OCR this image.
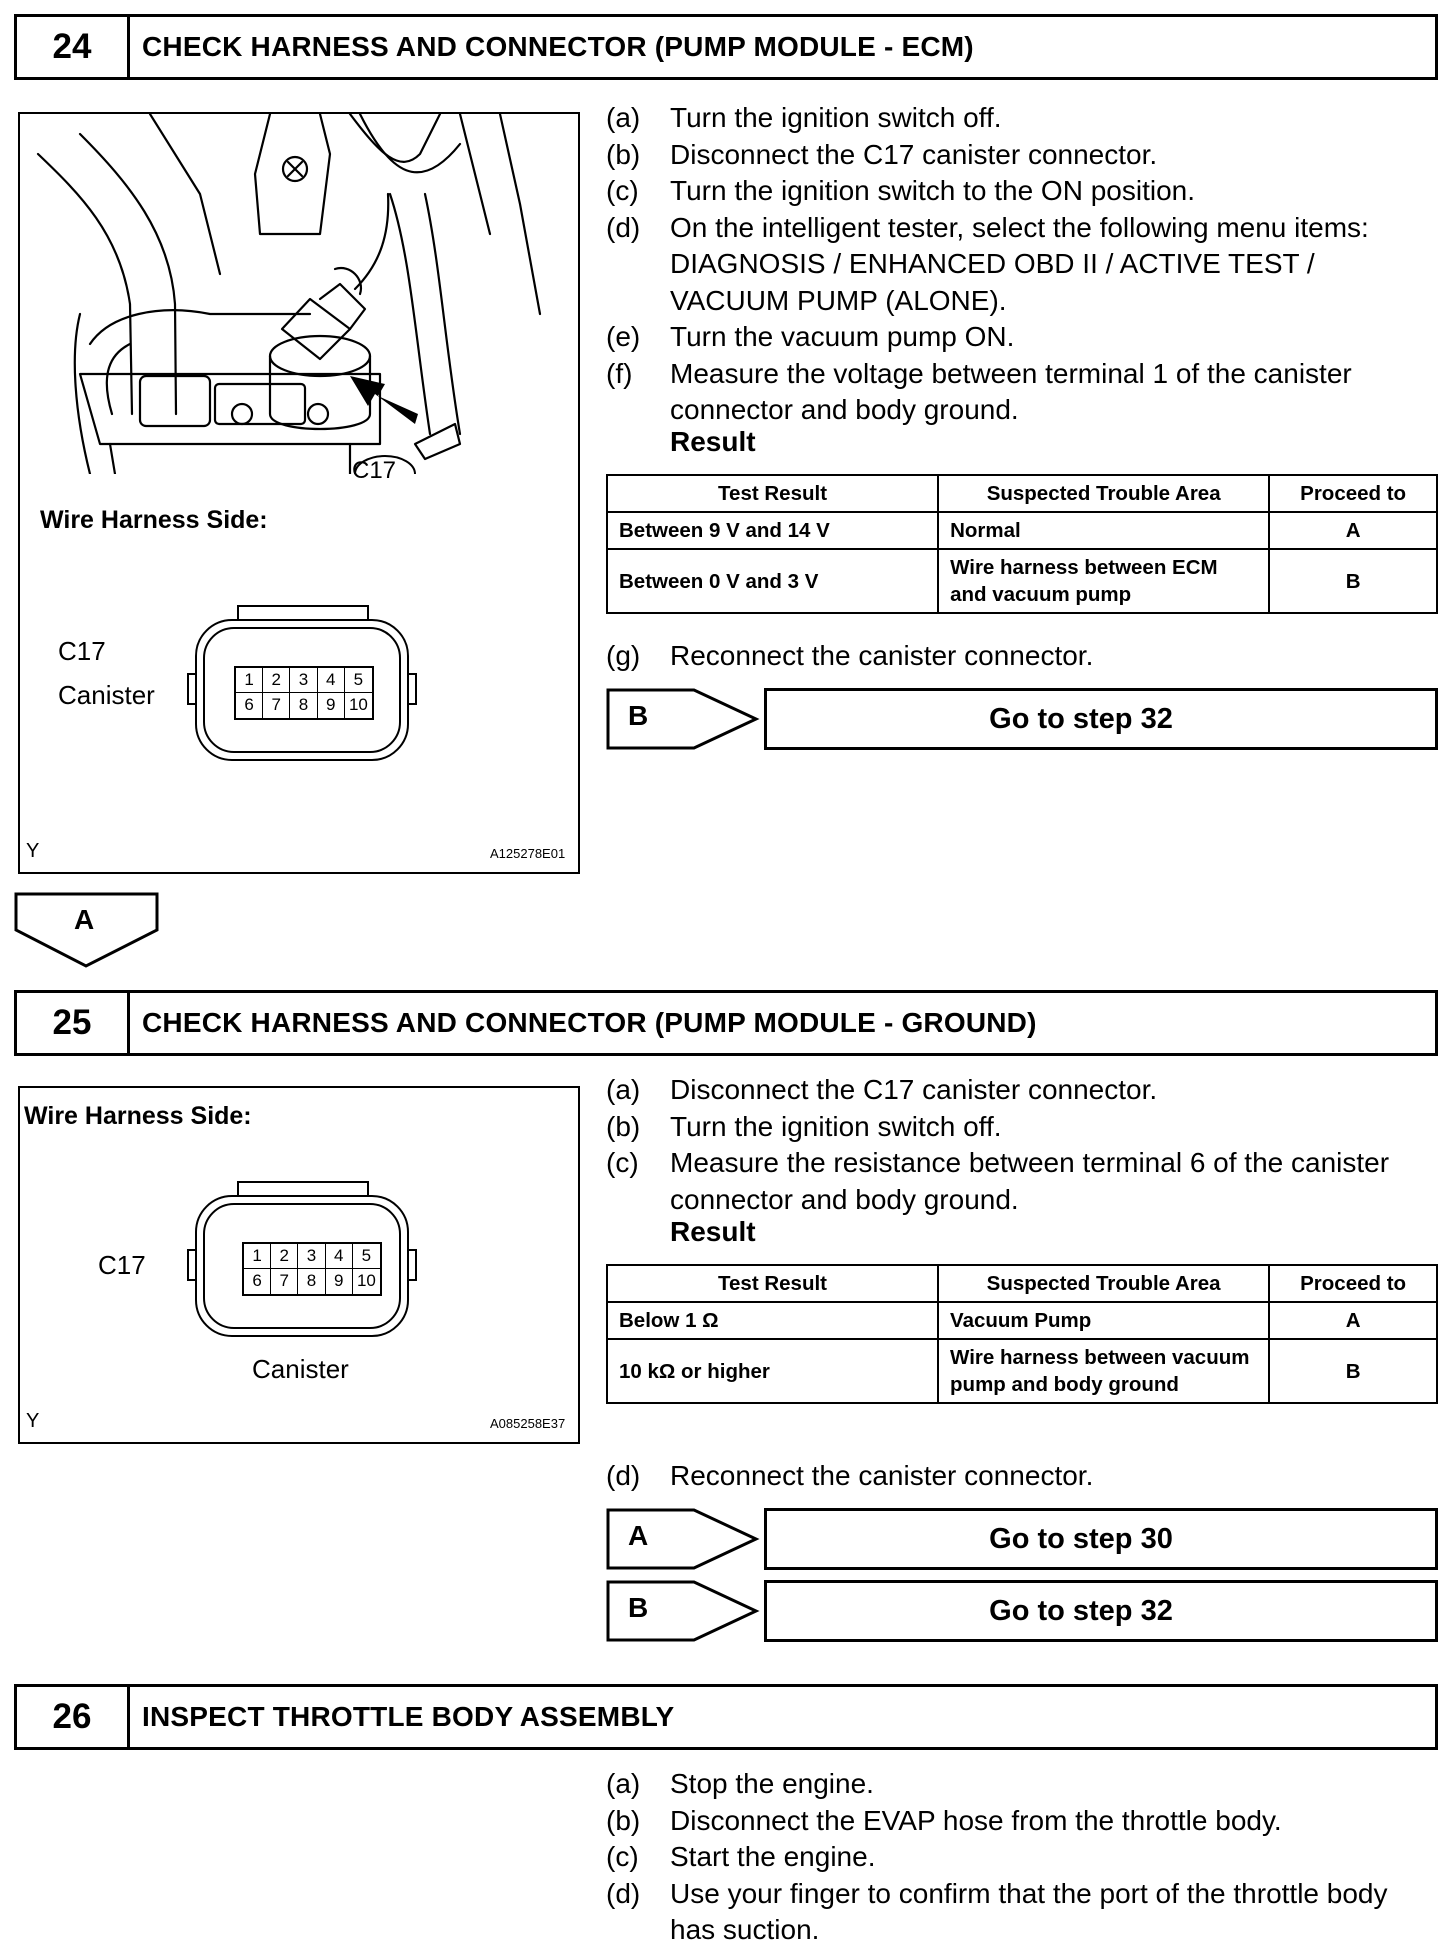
24	CHECK HARNESS AND CONNECTOR (PUMP MODULE - ECM)
C17
Wire Harness Side:
C17
Canister
1	2	3	4	5
6	7	8	9 10
Y	A125278E01
(a)	Turn the ignition switch off.
(b)	Disconnect the C17 canister connector.
(c)	Turn the ignition switch to the ON position.
(d)	On the intelligent tester, select the following menu items: DIAGNOSIS / ENHANCED OBD II / ACTIVE TEST / VACUUM PUMP (ALONE).
(e)	Turn the vacuum pump ON.
(f)	Measure the voltage between terminal 1 of the canister connector and body ground.
Result
Test Result	Suspected Trouble Area	Proceed to
Between 9 V and 14 V	Normal	A
Between 0 V and 3 V	Wire harness between ECM and vacuum pump	B
(g)	Reconnect the canister connector.
B	Go to step 32
A
25	CHECK HARNESS AND CONNECTOR (PUMP MODULE - GROUND)
Wire Harness Side:
C17	1	2	3	4	5
6	7	8	9 10
Canister
Y	A085258E37
(a)	Disconnect the C17 canister connector.
(b)	Turn the ignition switch off.
(c)	Measure the resistance between terminal 6 of the canister connector and body ground.
Result
Test Result	Suspected Trouble Area	Proceed to
Below 1 Ω	Vacuum Pump	A
10 kΩ or higher	Wire harness between vacuum pump and body ground	B
(d)	Reconnect the canister connector.
A	Go to step 30
B	Go to step 32
26	INSPECT THROTTLE BODY ASSEMBLY
(a)	Stop the engine.
(b)	Disconnect the EVAP hose from the throttle body.
(c)	Start the engine.
(d)	Use your finger to confirm that the port of the throttle body has suction.
